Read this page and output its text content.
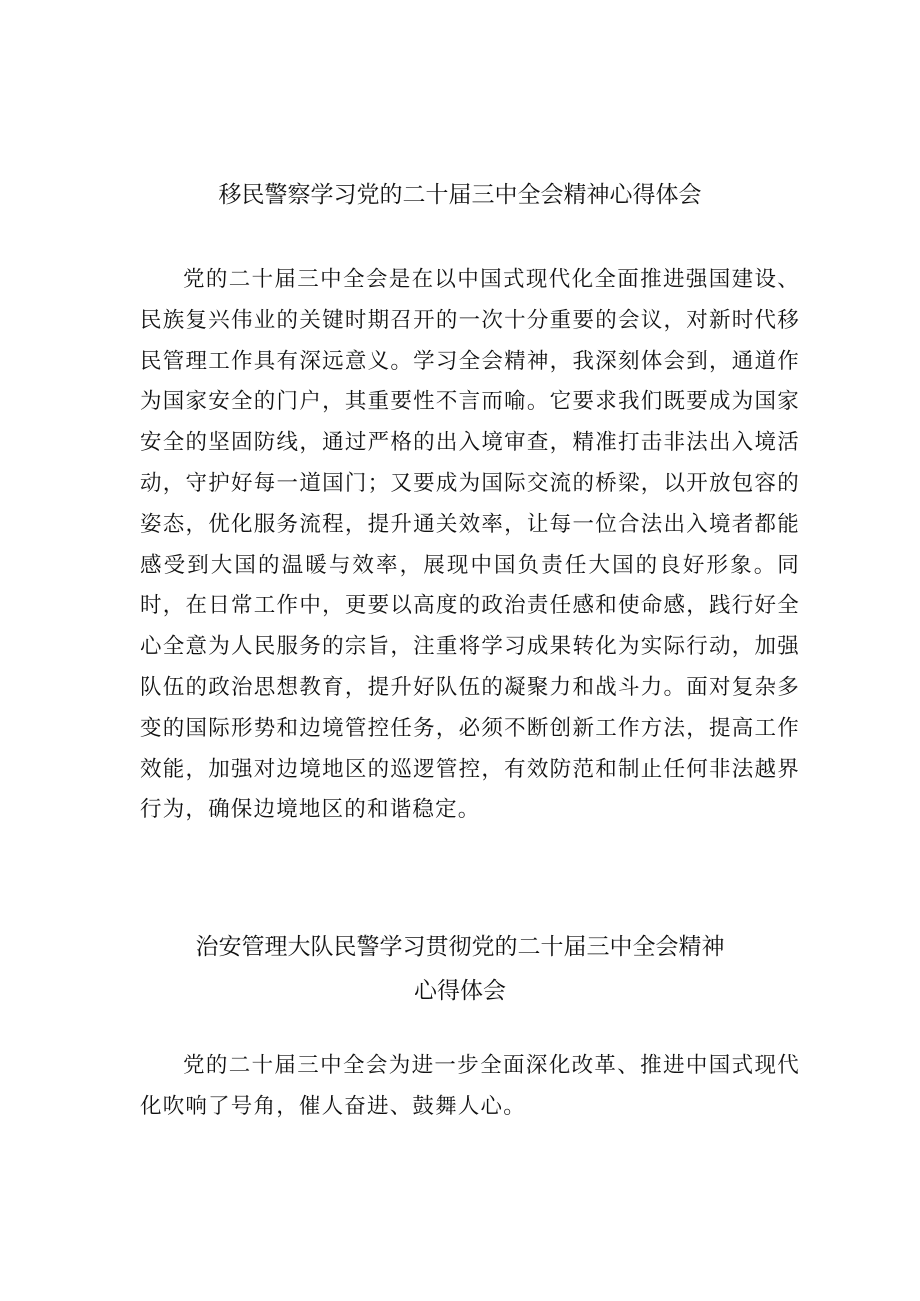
移民警察学习党的二十届三中全会精神心得体会

党的二十届三中全会是在以中国式现代化全面推进强国建设、民族复兴伟业的关键时期召开的一次十分重要的会议，对新时代移民管理工作具有深远意义。学习全会精神，我深刻体会到，通道作为国家安全的门户，其重要性不言而喻。它要求我们既要成为国家安全的坚固防线，通过严格的出入境审查，精准打击非法出入境活动，守护好每一道国门；又要成为国际交流的桥梁，以开放包容的姿态，优化服务流程，提升通关效率，让每一位合法出入境者都能感受到大国的温暖与效率，展现中国负责任大国的良好形象。同时，在日常工作中，更要以高度的政治责任感和使命感，践行好全心全意为人民服务的宗旨，注重将学习成果转化为实际行动，加强队伍的政治思想教育，提升好队伍的凝聚力和战斗力。面对复杂多变的国际形势和边境管控任务，必须不断创新工作方法，提高工作效能，加强对边境地区的巡逻管控，有效防范和制止任何非法越界行为，确保边境地区的和谐稳定。

治安管理大队民警学习贯彻党的二十届三中全会精神
心得体会

党的二十届三中全会为进一步全面深化改革、推进中国式现代化吹响了号角，催人奋进、鼓舞人心。
